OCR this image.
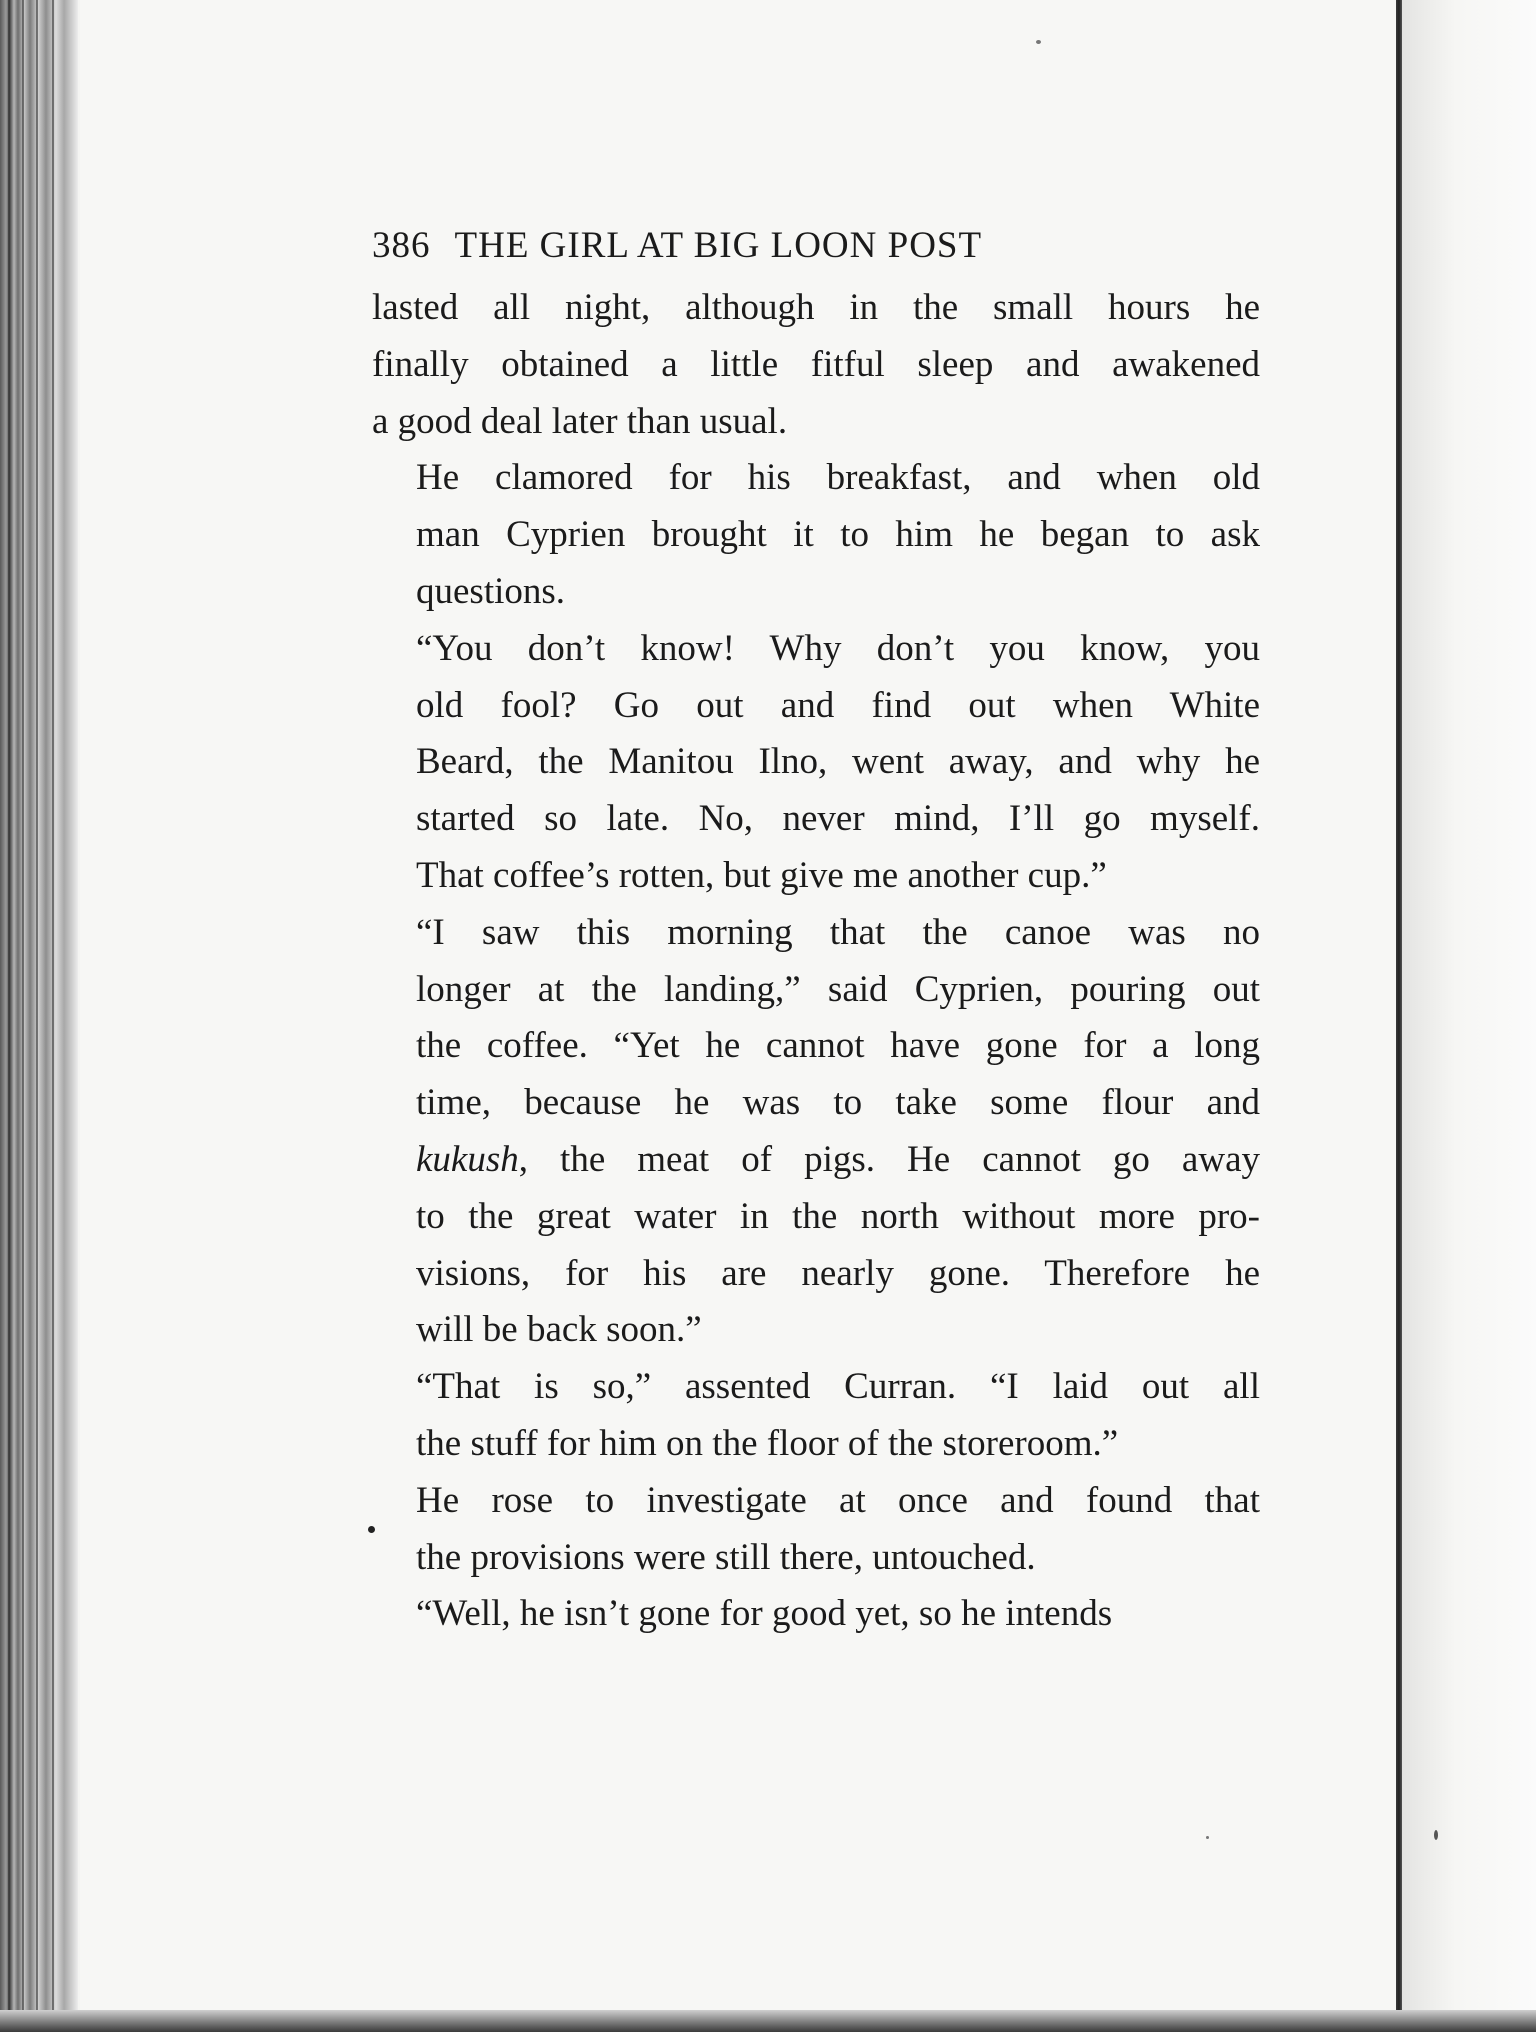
386 THE GIRL AT BIG LOON POST

lasted all night, although in the small hours he
finally obtained a little fitful sleep and awakened
a good deal later than usual.

He clamored for his breakfast, and when old
man Cyprien brought it to him he began to ask
questions.

“You don’t know! Why don’t you know, you
old fool? Go out and find out when White
Beard, the Manitou Ilno, went away, and why he
started so late. No, never mind, I’ll go myself.
That coffee’s rotten, but give me another cup.”

“I saw this morning that the canoe was no
longer at the landing,” said Cyprien, pouring out
the coffee. “Yet he cannot have gone for a long
time, because he was to take some flour and
kukush, the meat of pigs. He cannot go away
to the great water in the north without more pro-
visions, for his are nearly gone. Therefore he
will be back soon.”

“That is so,” assented Curran. “I laid out all
the stuff for him on the floor of the storeroom.”

He rose to investigate at once and found that
the provisions were still there, untouched.

“Well, he isn’t gone for good yet, so he intends
